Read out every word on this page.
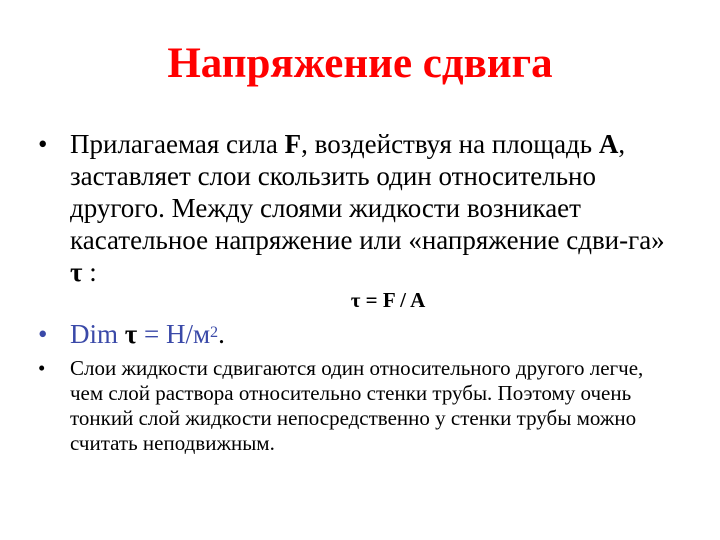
Напряжение сдвига
• Прилагаемая сила F, воздействуя на площадь A, заставляет слои скользить один относительно другого. Между слоями жидкости возникает касательное напряжение или «напряжение сдви-га» τ :
τ = F / A
• Dim $\tau = Н/м^2$.
•	Слои жидкости сдвигаются один относительного другого легче, чем слой раствора относительно стенки трубы. Поэтому очень тонкий слой жидкости непосредственно у стенки трубы можно считать неподвижным.
